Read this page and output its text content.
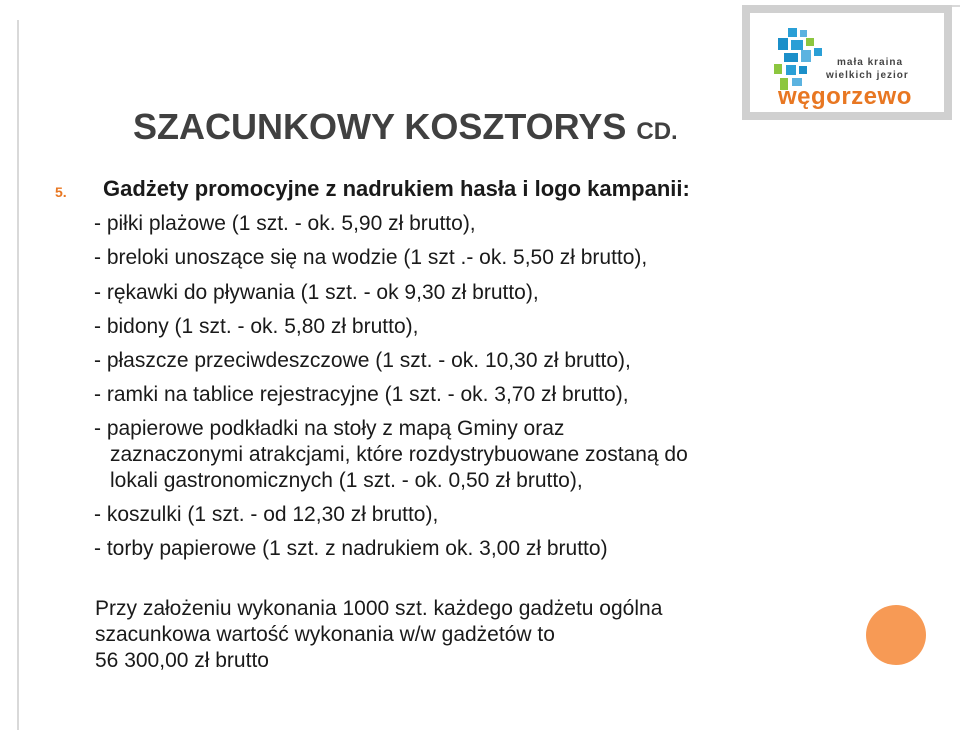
mała kraina
wielkich jezior
węgorzewo
SZACUNKOWY KOSZTORYS CD.
5. Gadżety promocyjne z nadrukiem hasła i logo kampanii:
- piłki plażowe (1 szt. - ok. 5,90 zł brutto),
- breloki unoszące się na wodzie (1 szt .- ok. 5,50 zł brutto),
- rękawki do pływania (1 szt. - ok 9,30 zł brutto),
- bidony (1 szt. - ok. 5,80 zł brutto),
- płaszcze przeciwdeszczowe (1 szt. - ok. 10,30 zł brutto),
- ramki na tablice rejestracyjne (1 szt. - ok. 3,70 zł brutto),
- papierowe podkładki na stoły z mapą Gminy oraz
zaznaczonymi atrakcjami, które rozdystrybuowane zostaną do
lokali gastronomicznych (1 szt. - ok. 0,50 zł brutto),
- koszulki (1 szt. - od 12,30 zł brutto),
- torby papierowe (1 szt. z nadrukiem ok. 3,00 zł brutto)
Przy założeniu wykonania 1000 szt. każdego gadżetu ogólna
szacunkowa wartość wykonania w/w gadżetów to
56 300,00 zł brutto
